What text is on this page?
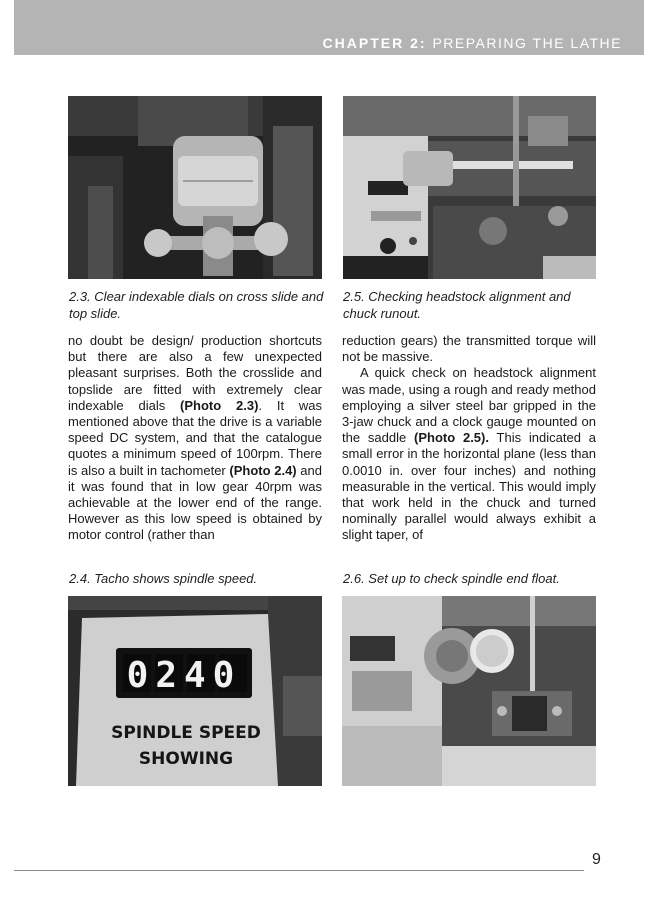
CHAPTER 2: PREPARING THE LATHE
2.3. Clear indexable dials on cross slide and top slide.
2.5. Checking headstock alignment and chuck runout.

no doubt be design/ production shortcuts but there are also a few unexpected pleasant surprises. Both the crosslide and topslide are fitted with extremely clear indexable dials (Photo 2.3). It was mentioned above that the drive is a variable speed DC system, and that the catalogue quotes a minimum speed of 100rpm. There is also a built in tachometer (Photo 2.4) and it was found that in low gear 40rpm was achievable at the lower end of the range. However as this low speed is obtained by motor control (rather than

reduction gears) the transmitted torque will not be massive.

A quick check on headstock alignment was made, using a rough and ready method employing a silver steel bar gripped in the 3-jaw chuck and a clock gauge mounted on the saddle (Photo 2.5). This indicated a small error in the horizontal plane (less than 0.0010 in. over four inches) and nothing measurable in the vertical. This would imply that work held in the chuck and turned nominally parallel would always exhibit a slight taper, of

2.4. Tacho shows spindle speed.	2.6. Set up to check spindle end float.
0240
SPINDLE SPEED
SHOWING
9
